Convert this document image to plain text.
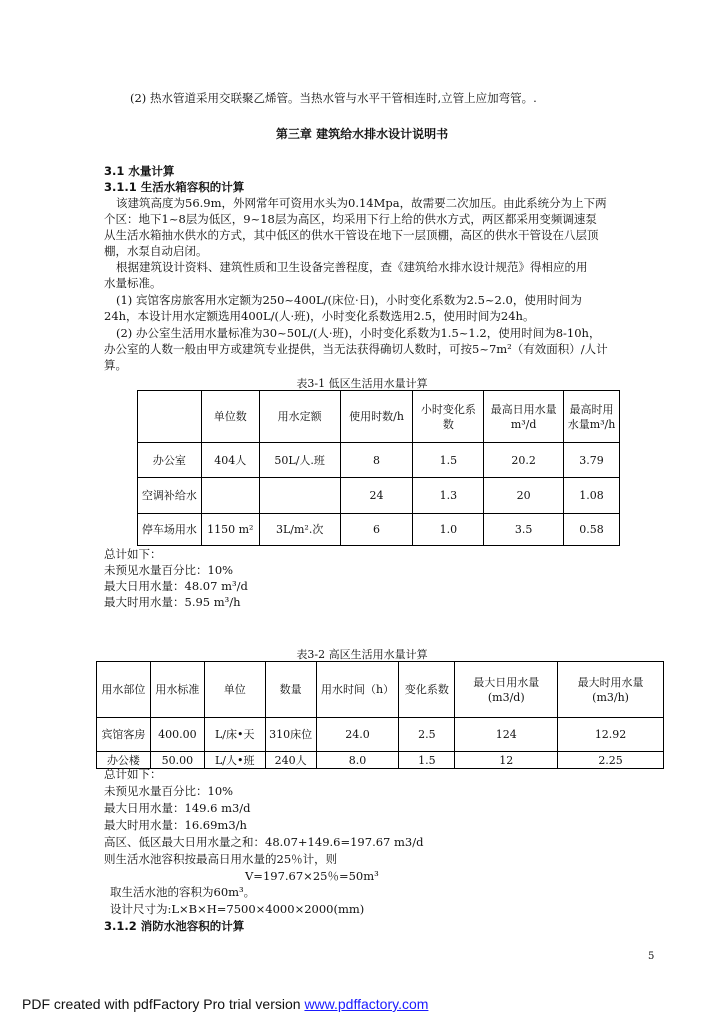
(2) 热水管道采用交联聚乙烯管。当热水管与水平干管相连时,立管上应加弯管。.
第三章 建筑给水排水设计说明书
3.1 水量计算
3.1.1 生活水箱容积的计算
该建筑高度为56.9m，外网常年可资用水头为0.14Mpa，故需要二次加压。由此系统分为上下两
个区：地下1~8层为低区，9~18层为高区，均采用下行上给的供水方式，两区都采用变频调速泵
从生活水箱抽水供水的方式，其中低区的供水干管设在地下一层顶棚，高区的供水干管设在八层顶
棚，水泵自动启闭。
根据建筑设计资料、建筑性质和卫生设备完善程度，查《建筑给水排水设计规范》得相应的用
水量标准。
(1) 宾馆客房旅客用水定额为250~400L/(床位·日)，小时变化系数为2.5~2.0，使用时间为
24h，本设计用水定额选用400L/(人·班)，小时变化系数选用2.5，使用时间为24h。
(2) 办公室生活用水量标准为30~50L/(人·班)，小时变化系数为1.5~1.2，使用时间为8-10h，
办公室的人数一般由甲方或建筑专业提供，当无法获得确切人数时，可按5~7m²（有效面积）/人计
算。
表3-1 低区生活用水量计算
	单位数	用水定额	使用时数/h	小时变化系数	最高日用水量m³/d	最高时用水量m³/h
办公室	404人	50L/人.班	8	1.5	20.2	3.79
空调补给水			24	1.3	20	1.08
停车场用水	1150 m²	3L/m².次	6	1.0	3.5	0.58
总计如下：
未预见水量百分比：10%
最大日用水量：48.07 m³/d
最大时用水量：5.95 m³/h
表3-2 高区生活用水量计算
用水部位	用水标准	单位	数量	用水时间（h）	变化系数	最大日用水量(m3/d)	最大时用水量(m3/h)
宾馆客房	400.00	L/床•天	310床位	24.0	2.5	124	12.92
办公楼	50.00	L/人•班	240人	8.0	1.5	12	2.25
总计如下：
未预见水量百分比：10%
最大日用水量：149.6 m3/d
最大时用水量：16.69m3/h
高区、低区最大日用水量之和：48.07+149.6=197.67 m3/d
则生活水池容积按最高日用水量的25％计，则
V=197.67×25％=50m³
取生活水池的容积为60m³。
设计尺寸为:L×B×H=7500×4000×2000(mm)
3.1.2 消防水池容积的计算
5
PDF created with pdfFactory Pro trial version www.pdffactory.com
